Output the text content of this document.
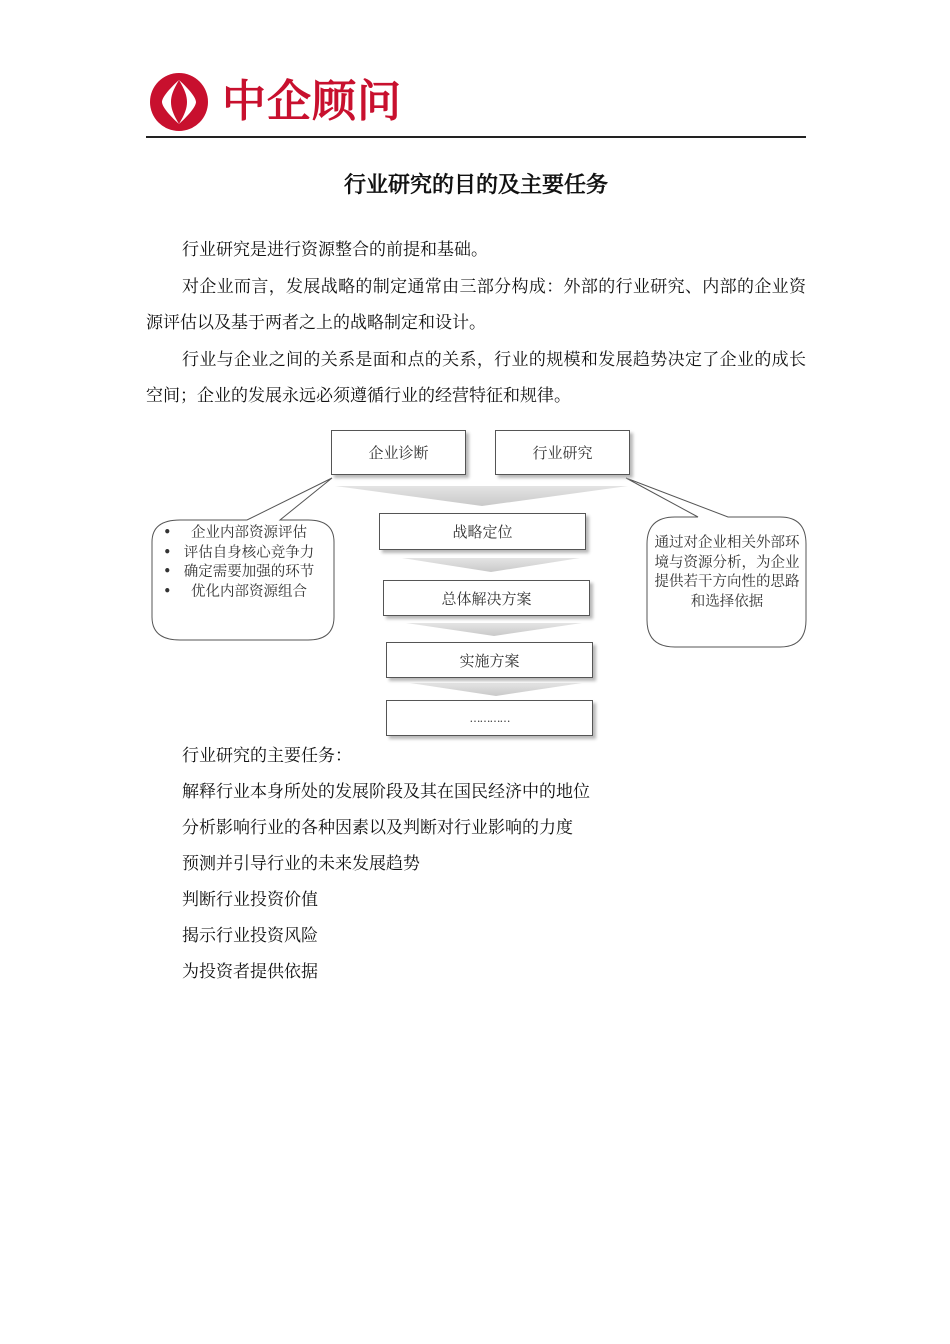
中企顾问
行业研究的目的及主要任务

行业研究是进行资源整合的前提和基础。

对企业而言，发展战略的制定通常由三部分构成：外部的行业研究、内部的企业资源评估以及基于两者之上的战略制定和设计。

行业与企业之间的关系是面和点的关系，行业的规模和发展趋势决定了企业的成长空间；企业的发展永远必须遵循行业的经营特征和规律。

企业诊断	行业研究
战略定位
总体解决方案
实施方案
…………
• 企业内部资源评估
• 评估自身核心竞争力
• 确定需要加强的环节
• 优化内部资源组合
通过对企业相关外部环境与资源分析，为企业提供若干方向性的思路和选择依据
行业研究的主要任务：
解释行业本身所处的发展阶段及其在国民经济中的地位
分析影响行业的各种因素以及判断对行业影响的力度
预测并引导行业的未来发展趋势
判断行业投资价值
揭示行业投资风险
为投资者提供依据
